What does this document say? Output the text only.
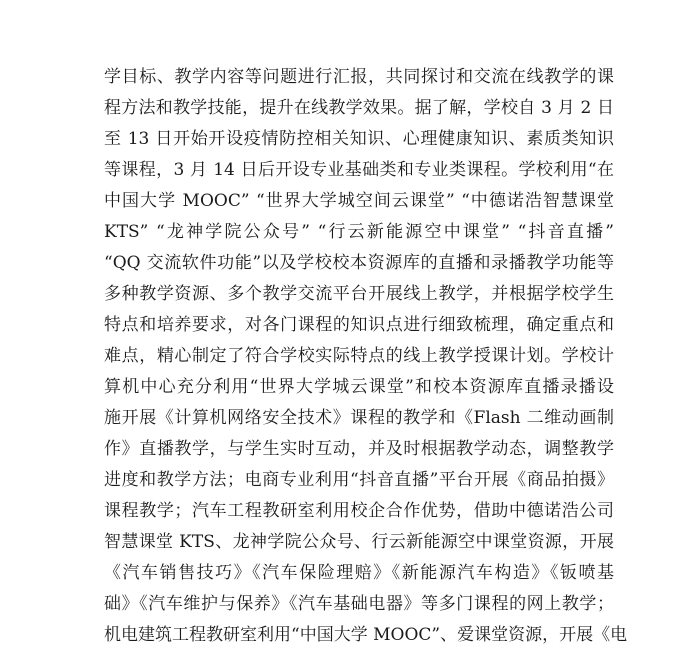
学目标、教学内容等问题进行汇报，共同探讨和交流在线教学的课
程方法和教学技能，提升在线教学效果。据了解，学校自 3 月 2 日
至 13 日开始开设疫情防控相关知识、心理健康知识、素质类知识
等课程，3 月 14 日后开设专业基础类和专业类课程。学校利用“在
中国大学 MOOC” “世界大学城空间云课堂” “中德诺浩智慧课堂
KTS” “龙神学院公众号” “行云新能源空中课堂” “抖音直播”
“QQ 交流软件功能”以及学校校本资源库的直播和录播教学功能等
多种教学资源、多个教学交流平台开展线上教学，并根据学校学生
特点和培养要求，对各门课程的知识点进行细致梳理，确定重点和
难点，精心制定了符合学校实际特点的线上教学授课计划。学校计
算机中心充分利用“世界大学城云课堂”和校本资源库直播录播设
施开展《计算机网络安全技术》课程的教学和《Flash 二维动画制
作》直播教学，与学生实时互动，并及时根据教学动态，调整教学
进度和教学方法；电商专业利用“抖音直播”平台开展《商品拍摄》
课程教学；汽车工程教研室利用校企合作优势，借助中德诺浩公司
智慧课堂 KTS、龙神学院公众号、行云新能源空中课堂资源，开展
《汽车销售技巧》《汽车保险理赔》《新能源汽车构造》《钣喷基
础》《汽车维护与保养》《汽车基础电器》等多门课程的网上教学；
机电建筑工程教研室利用“中国大学 MOOC”、爱课堂资源，开展《电
